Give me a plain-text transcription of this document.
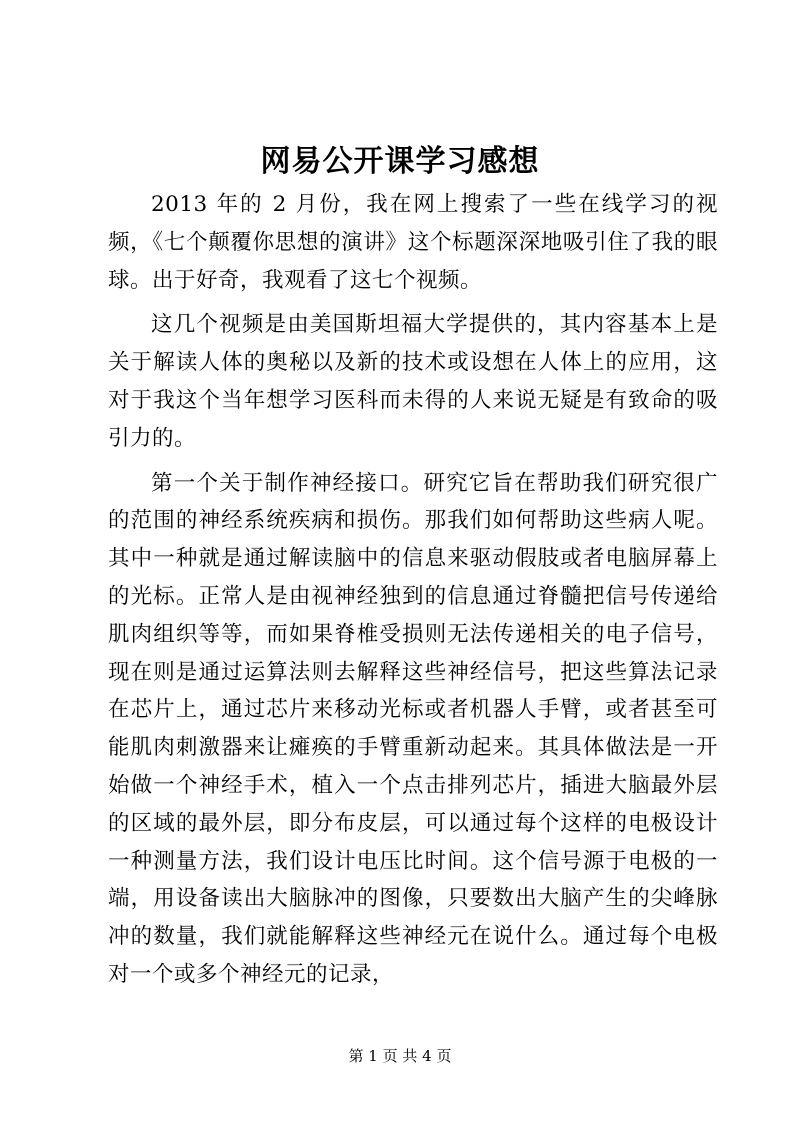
网易公开课学习感想

2013 年的 2 月份，我在网上搜索了一些在线学习的视频，《七个颠覆你思想的演讲》这个标题深深地吸引住了我的眼球。出于好奇，我观看了这七个视频。

这几个视频是由美国斯坦福大学提供的，其内容基本上是关于解读人体的奥秘以及新的技术或设想在人体上的应用，这对于我这个当年想学习医科而未得的人来说无疑是有致命的吸引力的。

第一个关于制作神经接口。研究它旨在帮助我们研究很广的范围的神经系统疾病和损伤。那我们如何帮助这些病人呢。其中一种就是通过解读脑中的信息来驱动假肢或者电脑屏幕上的光标。正常人是由视神经独到的信息通过脊髓把信号传递给肌肉组织等等，而如果脊椎受损则无法传递相关的电子信号，现在则是通过运算法则去解释这些神经信号，把这些算法记录在芯片上，通过芯片来移动光标或者机器人手臂，或者甚至可能肌肉刺激器来让瘫痪的手臂重新动起来。其具体做法是一开始做一个神经手术，植入一个点击排列芯片，插进大脑最外层的区域的最外层，即分布皮层，可以通过每个这样的电极设计一种测量方法，我们设计电压比时间。这个信号源于电极的一端，用设备读出大脑脉冲的图像，只要数出大脑产生的尖峰脉冲的数量，我们就能解释这些神经元在说什么。通过每个电极对一个或多个神经元的记录，

第 1 页 共 4 页
